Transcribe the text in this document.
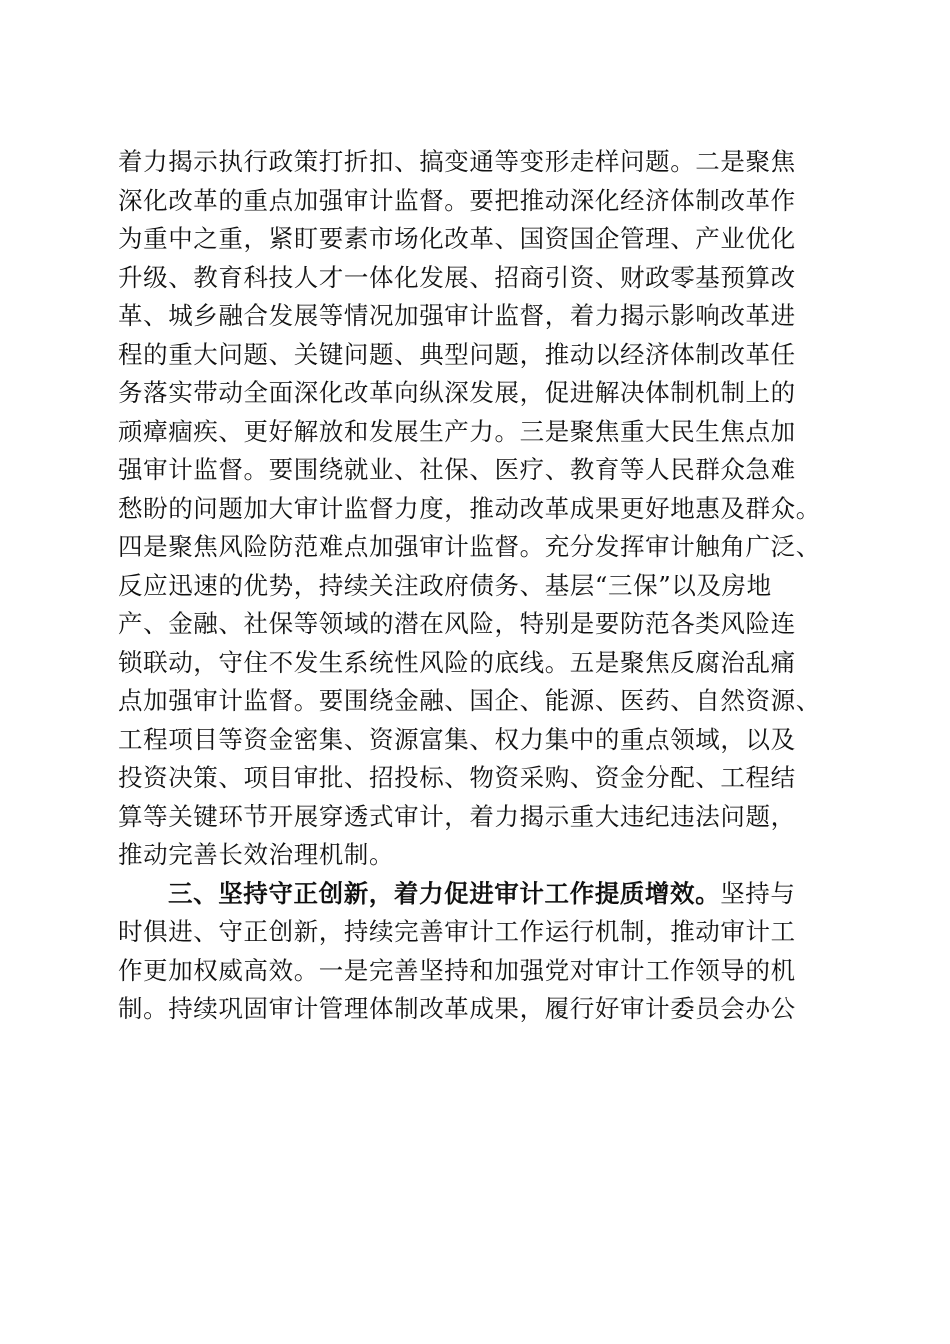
着力揭示执行政策打折扣、搞变通等变形走样问题。二是聚焦
深化改革的重点加强审计监督。要把推动深化经济体制改革作
为重中之重，紧盯要素市场化改革、国资国企管理、产业优化
升级、教育科技人才一体化发展、招商引资、财政零基预算改
革、城乡融合发展等情况加强审计监督，着力揭示影响改革进
程的重大问题、关键问题、典型问题，推动以经济体制改革任
务落实带动全面深化改革向纵深发展，促进解决体制机制上的
顽瘴痼疾、更好解放和发展生产力。三是聚焦重大民生焦点加
强审计监督。要围绕就业、社保、医疗、教育等人民群众急难
愁盼的问题加大审计监督力度，推动改革成果更好地惠及群众。
四是聚焦风险防范难点加强审计监督。充分发挥审计触角广泛、
反应迅速的优势，持续关注政府债务、基层“三保”以及房地
产、金融、社保等领域的潜在风险，特别是要防范各类风险连
锁联动，守住不发生系统性风险的底线。五是聚焦反腐治乱痛
点加强审计监督。要围绕金融、国企、能源、医药、自然资源、
工程项目等资金密集、资源富集、权力集中的重点领域，以及
投资决策、项目审批、招投标、物资采购、资金分配、工程结
算等关键环节开展穿透式审计，着力揭示重大违纪违法问题，
推动完善长效治理机制。
三、坚持守正创新，着力促进审计工作提质增效。坚持与
时俱进、守正创新，持续完善审计工作运行机制，推动审计工
作更加权威高效。一是完善坚持和加强党对审计工作领导的机
制。持续巩固审计管理体制改革成果，履行好审计委员会办公
